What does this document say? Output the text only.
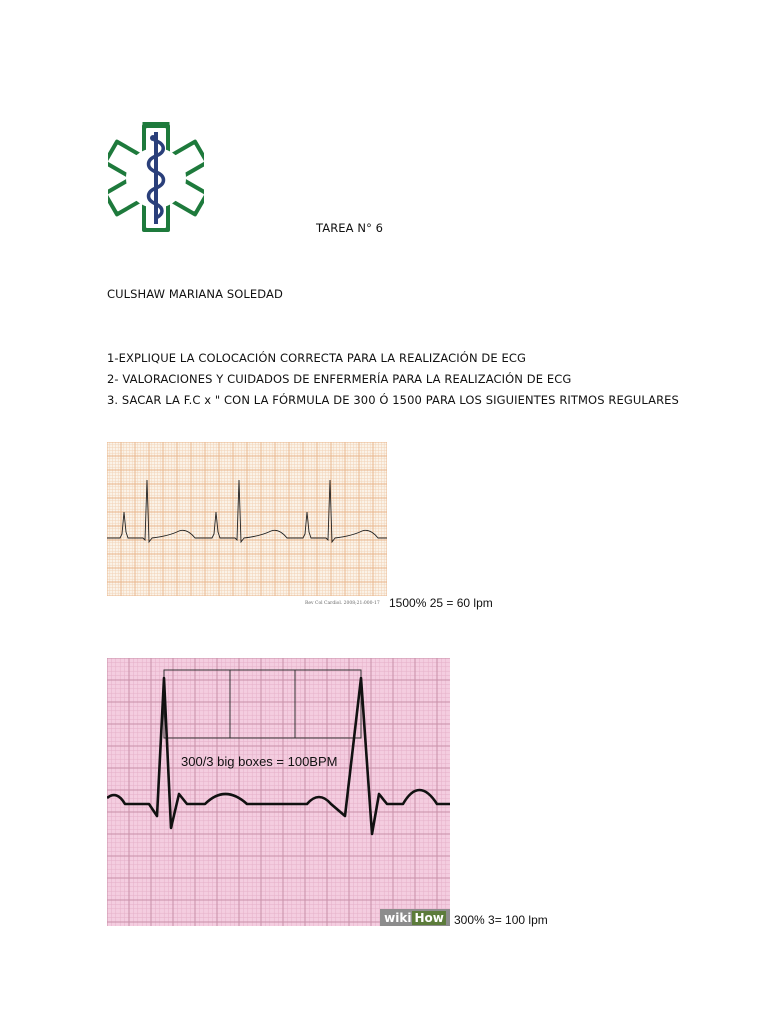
TAREA N° 6
CULSHAW MARIANA SOLEDAD
1-EXPLIQUE LA COLOCACIÓN CORRECTA PARA LA REALIZACIÓN DE ECG
2- VALORACIONES Y CUIDADOS DE ENFERMERÍA PARA LA REALIZACIÓN DE ECG
3. SACAR LA F.C x " CON LA FÓRMULA DE 300 Ó 1500 PARA LOS SIGUIENTES RITMOS REGULARES
Rev Col Cardiol. 2008;21:000-17 1500% 25 = 60 lpm
300/3 big boxes = 100BPM
wiki How 300% 3= 100 lpm
